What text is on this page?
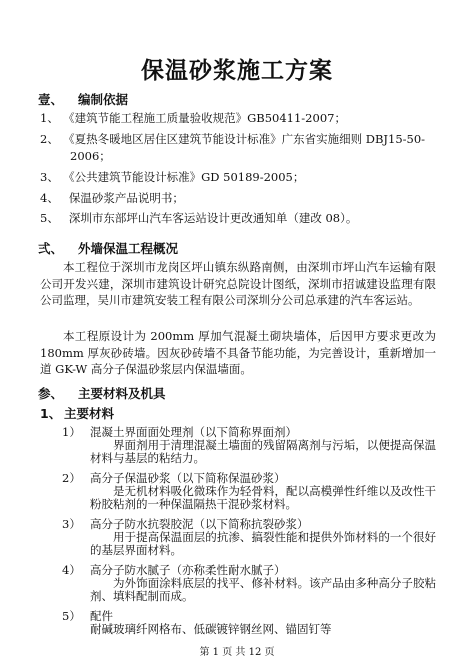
保温砂浆施工方案
壹、 编制依据
1、 《建筑节能工程施工质量验收规范》GB50411-2007；
2、 《夏热冬暖地区居住区建筑节能设计标准》广东省实施细则 DBJ15-50-
2006；
3、 《公共建筑节能设计标准》GD 50189-2005；
4、 保温砂浆产品说明书；
5、 深圳市东部坪山汽车客运站设计更改通知单（建改 08）。
弍、 外墙保温工程概况
本工程位于深圳市龙岗区坪山镇东纵路南侧，由深圳市坪山汽车运输有限公司开发兴建，深圳市建筑设计研究总院设计图纸，深圳市招诚建设监理有限公司监理，吴川市建筑安装工程有限公司深圳分公司总承建的汽车客运站。
本工程原设计为 200mm 厚加气混凝土砌块墙体，后因甲方要求更改为 180mm 厚灰砂砖墙。因灰砂砖墙不具备节能功能，为完善设计，重新增加一道 GK-W 高分子保温砂浆层内保温墙面。
参、 主要材料及机具
1、 主要材料
1） 混凝土界面面处理剂（以下简称界面剂）
界面剂用于清理混凝土墙面的残留隔离剂与污垢，以便提高保温材料与基层的粘结力。
2） 高分子保温砂浆（以下简称保温砂浆）
是无机材料吸化微珠作为轻骨料，配以高模弹性纤维以及改性干粉胶粘剂的一种保温隔热干混砂浆材料。
3） 高分子防水抗裂胶泥（以下简称抗裂砂浆）
用于提高保温面层的抗渗、搞裂性能和提供外饰材料的一个很好的基层界面材料。
4） 高分子防水腻子（亦称柔性耐水腻子）
为外饰面涂料底层的找平、修补材料。该产品由多种高分子胶粘剂、填料配制而成。
5） 配件
耐碱玻璃纤网格布、低碳镀锌钢丝网、锚固钉等
第 1 页 共 12 页
